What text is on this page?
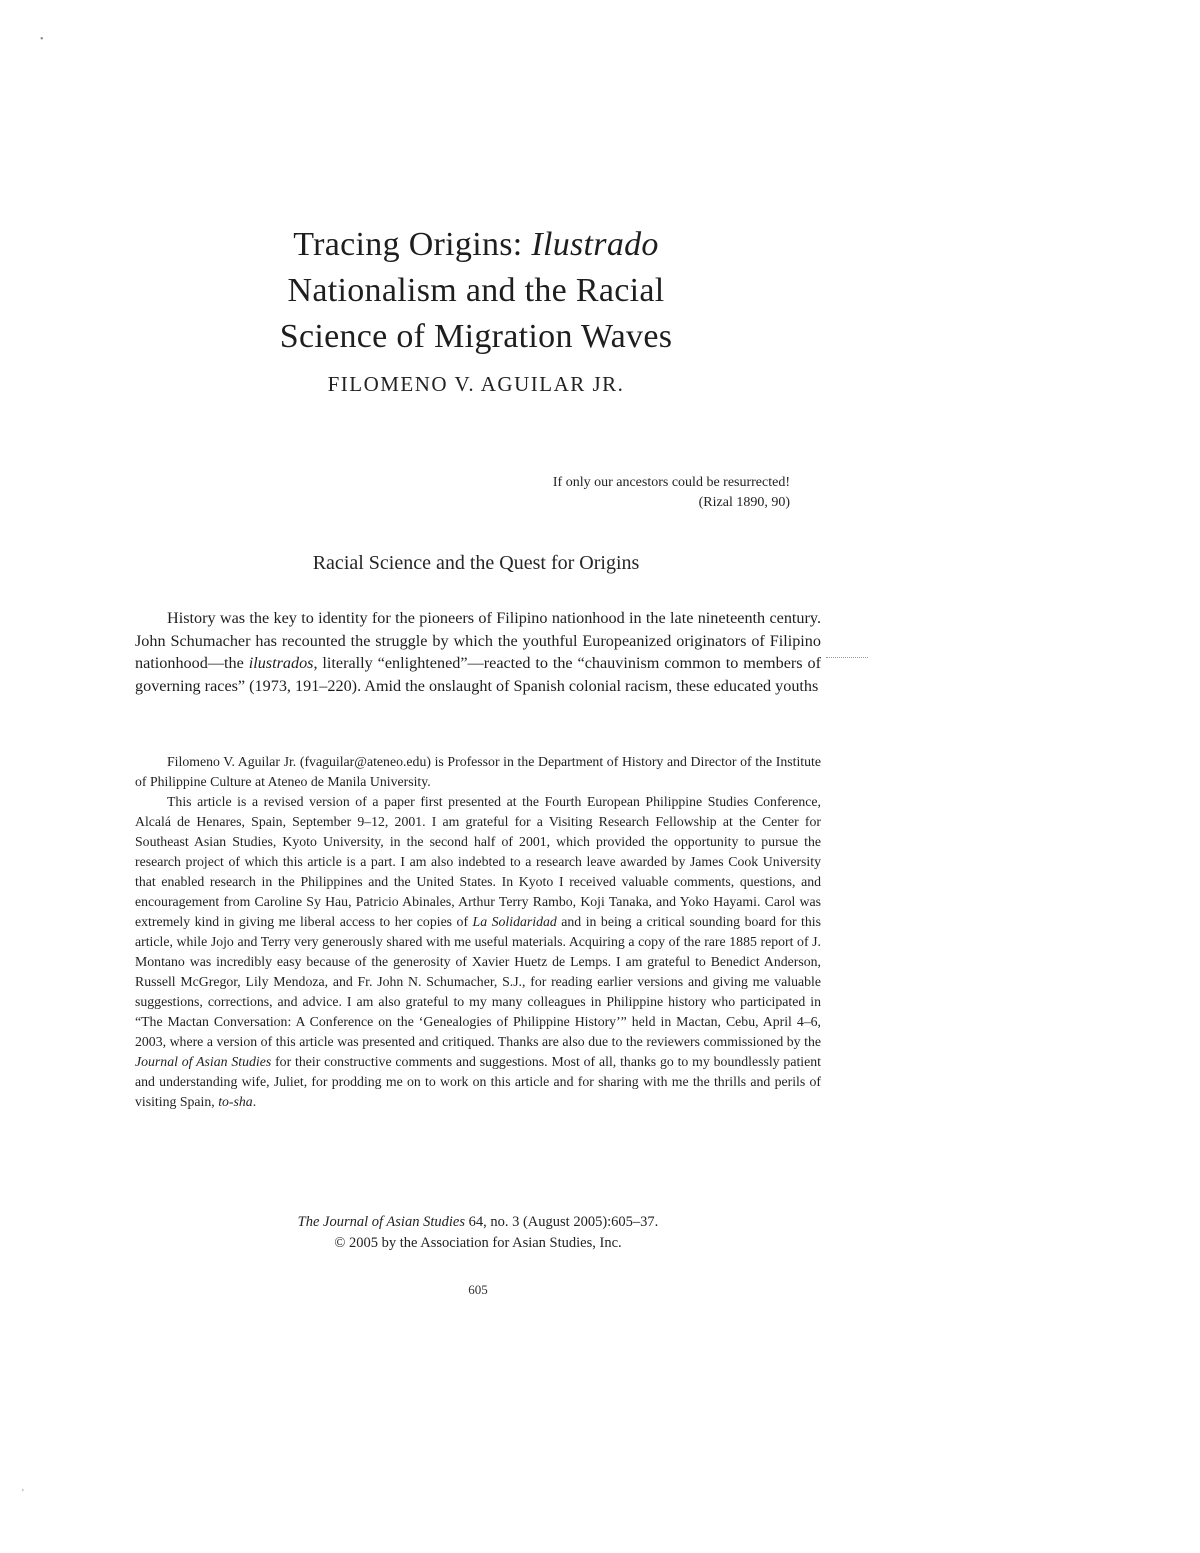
•
Tracing Origins: Ilustrado
Nationalism and the Racial
Science of Migration Waves
FILOMENO V. AGUILAR JR.
If only our ancestors could be resurrected!
(Rizal 1890, 90)
Racial Science and the Quest for Origins

History was the key to identity for the pioneers of Filipino nationhood in the late nineteenth century. John Schumacher has recounted the struggle by which the youthful Europeanized originators of Filipino nationhood—the ilustrados, literally “enlightened”—reacted to the “chauvinism common to members of governing races” (1973, 191–220). Amid the onslaught of Spanish colonial racism, these educated youths

Filomeno V. Aguilar Jr. (fvaguilar@ateneo.edu) is Professor in the Department of History and Director of the Institute of Philippine Culture at Ateneo de Manila University.

This article is a revised version of a paper first presented at the Fourth European Philippine Studies Conference, Alcalá de Henares, Spain, September 9–12, 2001. I am grateful for a Visiting Research Fellowship at the Center for Southeast Asian Studies, Kyoto University, in the second half of 2001, which provided the opportunity to pursue the research project of which this article is a part. I am also indebted to a research leave awarded by James Cook University that enabled research in the Philippines and the United States. In Kyoto I received valuable comments, questions, and encouragement from Caroline Sy Hau, Patricio Abinales, Arthur Terry Rambo, Koji Tanaka, and Yoko Hayami. Carol was extremely kind in giving me liberal access to her copies of La Solidaridad and in being a critical sounding board for this article, while Jojo and Terry very generously shared with me useful materials. Acquiring a copy of the rare 1885 report of J. Montano was incredibly easy because of the generosity of Xavier Huetz de Lemps. I am grateful to Benedict Anderson, Russell McGregor, Lily Mendoza, and Fr. John N. Schumacher, S.J., for reading earlier versions and giving me valuable suggestions, corrections, and advice. I am also grateful to my many colleagues in Philippine history who participated in “The Mactan Conversation: A Conference on the ‘Genealogies of Philippine History’” held in Mactan, Cebu, April 4–6, 2003, where a version of this article was presented and critiqued. Thanks are also due to the reviewers commissioned by the Journal of Asian Studies for their constructive comments and suggestions. Most of all, thanks go to my boundlessly patient and understanding wife, Juliet, for prodding me on to work on this article and for sharing with me the thrills and perils of visiting Spain, to-sha.

The Journal of Asian Studies 64, no. 3 (August 2005):605–37.
© 2005 by the Association for Asian Studies, Inc.
605
'
